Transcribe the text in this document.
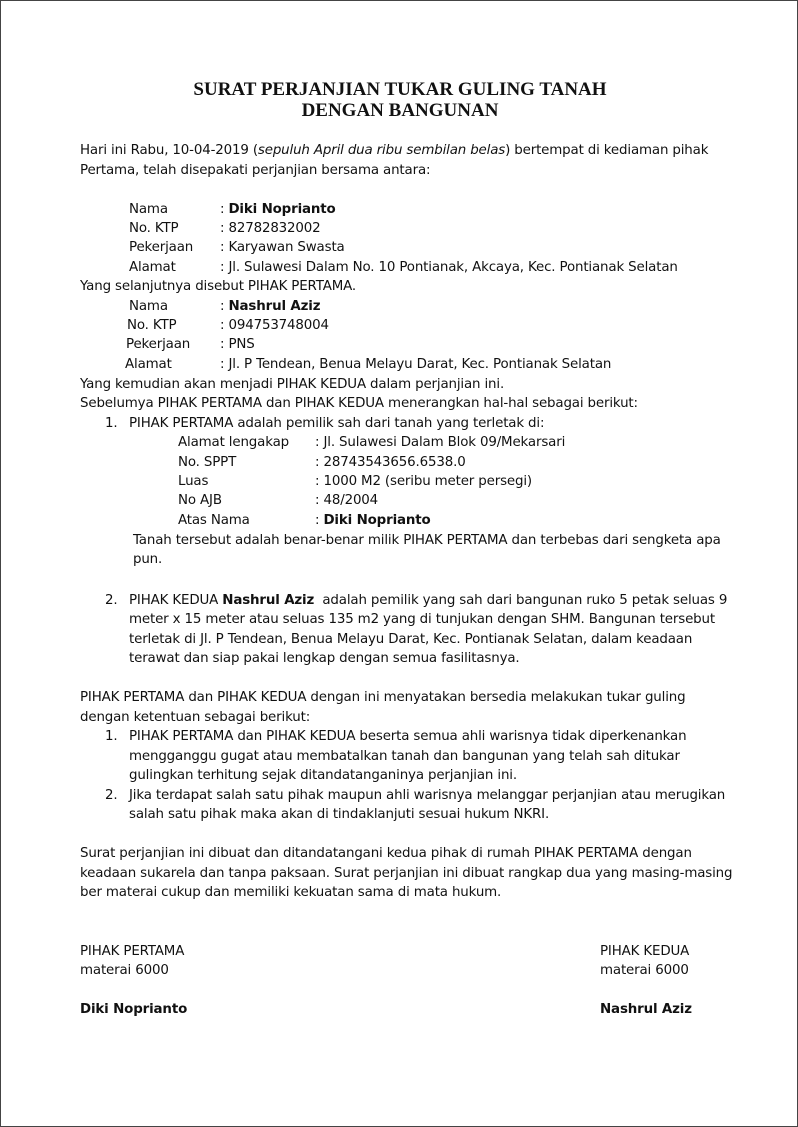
SURAT PERJANJIAN TUKAR GULING TANAH
DENGAN BANGUNAN
Hari ini Rabu, 10-04-2019 (sepuluh April dua ribu sembilan belas) bertempat di kediaman pihak
Pertama, telah disepakati perjanjian bersama antara:
Nama	: Diki Noprianto
No. KTP	: 82782832002
Pekerjaan : Karyawan Swasta
Alamat	: Jl. Sulawesi Dalam No. 10 Pontianak, Akcaya, Kec. Pontianak Selatan
Yang selanjutnya disebut PIHAK PERTAMA.
Nama	: Nashrul Aziz
No. KTP	: 094753748004
Pekerjaan : PNS
Alamat	: Jl. P Tendean, Benua Melayu Darat, Kec. Pontianak Selatan
Yang kemudian akan menjadi PIHAK KEDUA dalam perjanjian ini.
Sebelumya PIHAK PERTAMA dan PIHAK KEDUA menerangkan hal-hal sebagai berikut:
1. PIHAK PERTAMA adalah pemilik sah dari tanah yang terletak di:
Alamat lengakap : Jl. Sulawesi Dalam Blok 09/Mekarsari
No. SPPT	: 28743543656.6538.0
Luas	: 1000 M2 (seribu meter persegi)
No AJB	: 48/2004
Atas Nama	: Diki Noprianto
Tanah tersebut adalah benar-benar milik PIHAK PERTAMA dan terbebas dari sengketa apa
pun.
2. PIHAK KEDUA Nashrul Aziz  adalah pemilik yang sah dari bangunan ruko 5 petak seluas 9
meter x 15 meter atau seluas 135 m2 yang di tunjukan dengan SHM. Bangunan tersebut
terletak di Jl. P Tendean, Benua Melayu Darat, Kec. Pontianak Selatan, dalam keadaan
terawat dan siap pakai lengkap dengan semua fasilitasnya.
PIHAK PERTAMA dan PIHAK KEDUA dengan ini menyatakan bersedia melakukan tukar guling
dengan ketentuan sebagai berikut:
1. PIHAK PERTAMA dan PIHAK KEDUA beserta semua ahli warisnya tidak diperkenankan
mengganggu gugat atau membatalkan tanah dan bangunan yang telah sah ditukar
gulingkan terhitung sejak ditandatanganinya perjanjian ini.
2. Jika terdapat salah satu pihak maupun ahli warisnya melanggar perjanjian atau merugikan
salah satu pihak maka akan di tindaklanjuti sesuai hukum NKRI.
Surat perjanjian ini dibuat dan ditandatangani kedua pihak di rumah PIHAK PERTAMA dengan
keadaan sukarela dan tanpa paksaan. Surat perjanjian ini dibuat rangkap dua yang masing-masing
ber materai cukup dan memiliki kekuatan sama di mata hukum.
PIHAK PERTAMA
materai 6000
Diki Noprianto
PIHAK KEDUA
materai 6000
Nashrul Aziz
